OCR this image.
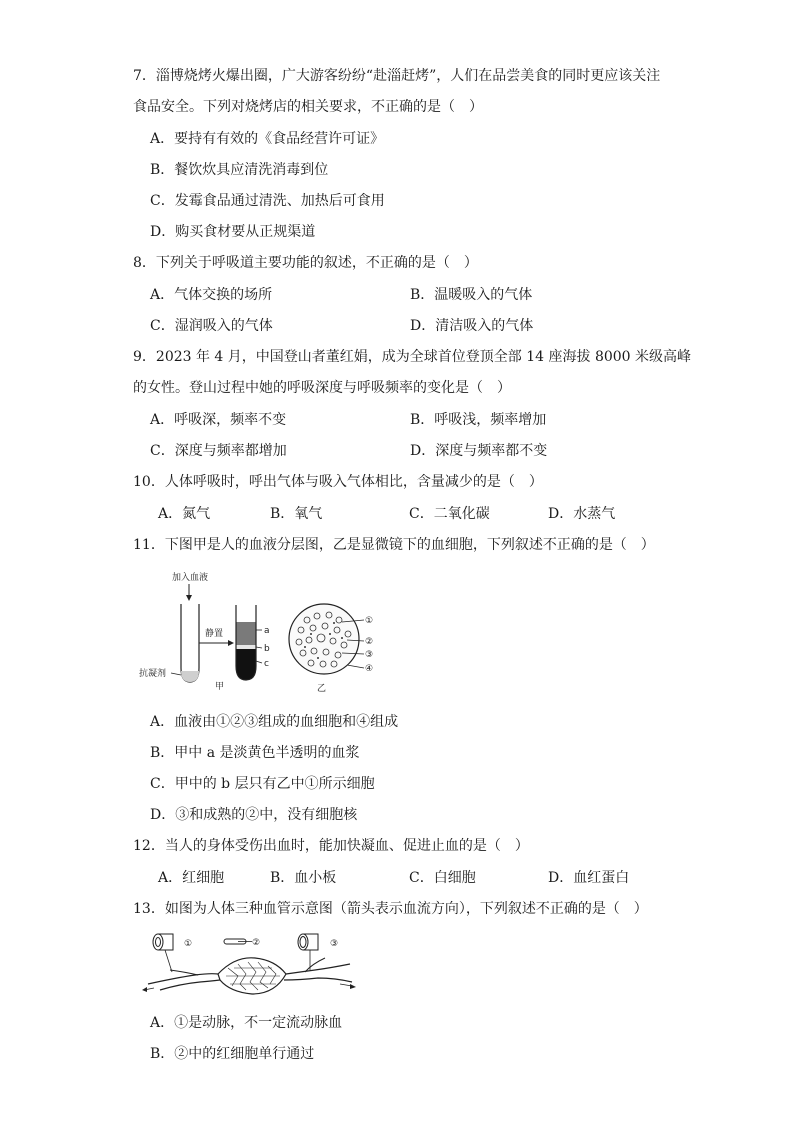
7．淄博烧烤火爆出圈，广大游客纷纷“赴淄赶烤”，人们在品尝美食的同时更应该关注
食品安全。下列对烧烤店的相关要求，不正确的是（　）
A．要持有有效的《食品经营许可证》
B．餐饮炊具应清洗消毒到位
C．发霉食品通过清洗、加热后可食用
D．购买食材要从正规渠道
8．下列关于呼吸道主要功能的叙述，不正确的是（　）
A．气体交换的场所	B．温暖吸入的气体
C．湿润吸入的气体	D．清洁吸入的气体
9．2023 年 4 月，中国登山者董红娟，成为全球首位登顶全部 14 座海拔 8000 米级高峰
的女性。登山过程中她的呼吸深度与呼吸频率的变化是（　）
A．呼吸深，频率不变	B．呼吸浅，频率增加
C．深度与频率都增加	D．深度与频率都不变
10．人体呼吸时，呼出气体与吸入气体相比，含量减少的是（　）
A．氮气	B．氧气	C．二氧化碳	D．水蒸气
11．下图甲是人的血液分层图，乙是显微镜下的血细胞，下列叙述不正确的是（　）
加入血液
抗凝剂
静置	a
b
c
甲
①
②
③
④
乙
A．血液由①②③组成的血细胞和④组成
B．甲中 a 是淡黄色半透明的血浆
C．甲中的 b 层只有乙中①所示细胞
D．③和成熟的②中，没有细胞核
12．当人的身体受伤出血时，能加快凝血、促进止血的是（　）
A．红细胞	B．血小板	C．白细胞	D．血红蛋白
13．如图为人体三种血管示意图（箭头表示血流方向），下列叙述不正确的是（　）
①	②	③
A．①是动脉，不一定流动脉血
B．②中的红细胞单行通过
